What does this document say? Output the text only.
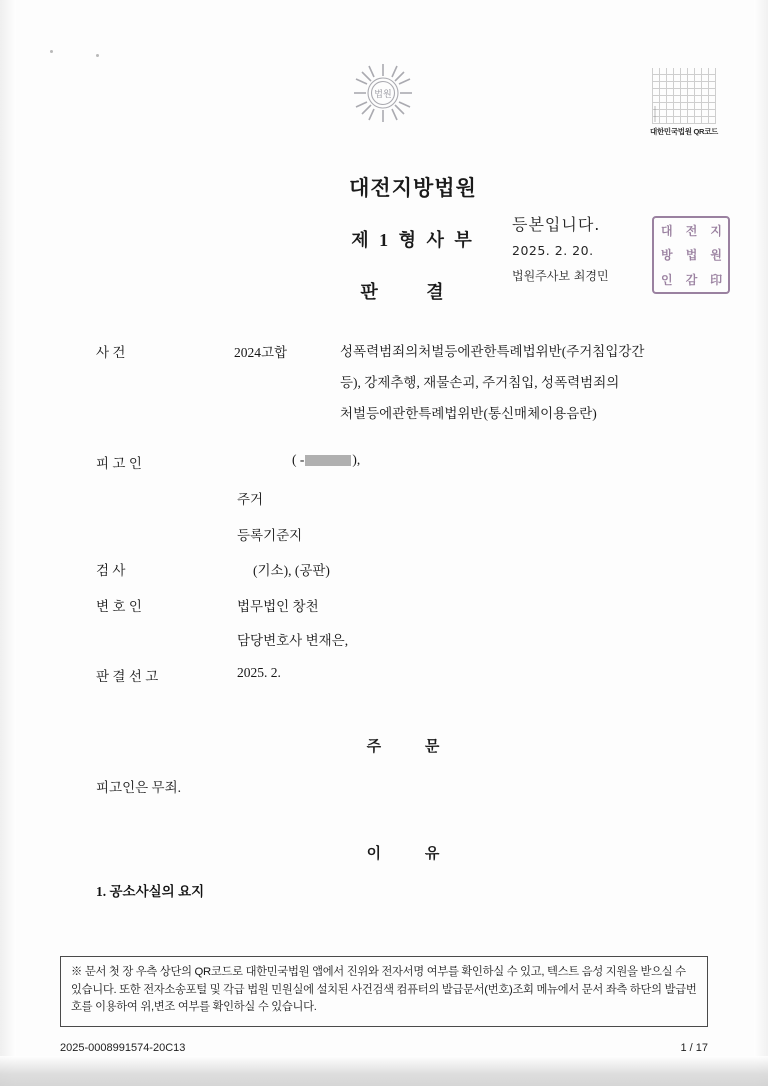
법원
대한민국법원 QR코드
대전지방법원
제 1 형 사 부
판 결
등본입니다.
2025. 2. 20.
법원주사보 최경민
대	전	지
방	법	원
인	감	印
사 건	2024고합	성폭력범죄의처벌등에관한특례법위반(주거침입강간
등), 강제추행, 재물손괴, 주거침입, 성폭력범죄의
처벌등에관한특례법위반(통신매체이용음란)
피 고 인	( -	),
주거
등록기준지
검 사	(기소), (공판)
변 호 인	법무법인 창천
담당변호사 변재은,
판 결 선 고	2025. 2.
주 문
피고인은 무죄.
이 유
1. 공소사실의 요지
※ 문서 첫 장 우측 상단의 QR코드로 대한민국법원 앱에서 진위와 전자서명 여부를 확인하실 수 있고, 텍스트 음성 지원을 받으실 수 있습니다. 또한 전자소송포털 및 각급 법원 민원실에 설치된 사건검색 컴퓨터의 발급문서(번호)조회 메뉴에서 문서 좌측 하단의 발급번호를 이용하여 위,변조 여부를 확인하실 수 있습니다.
2025-0008991574-20C13	1 / 17
